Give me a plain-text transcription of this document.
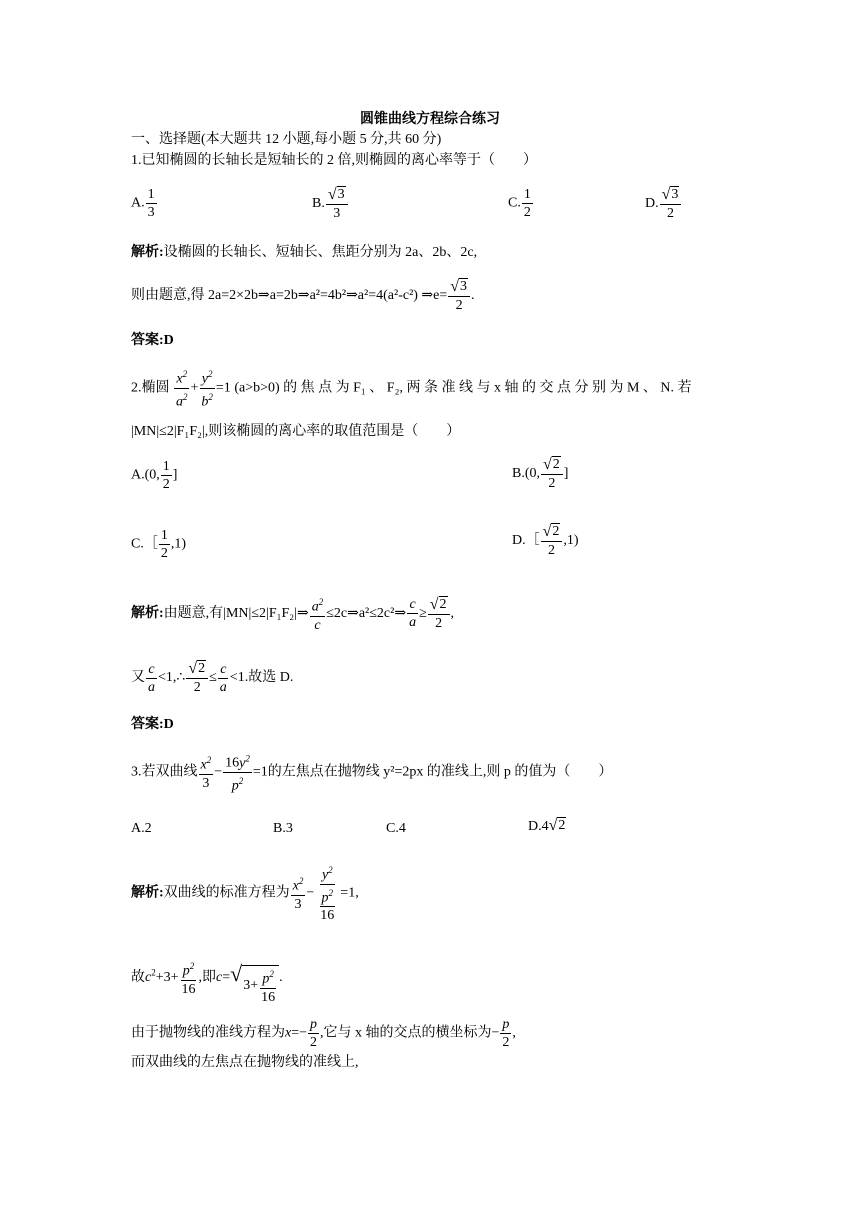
圆锥曲线方程综合练习
一、选择题(本大题共 12 小题,每小题 5 分,共 60 分)
1.已知椭圆的长轴长是短轴长的 2 倍,则椭圆的离心率等于（　　）
A. $\frac{1}{3}$	B. $\frac{√ 3}{3}$	C. $\frac{1}{2}$	D. $\frac{√ 3}{2}$
解析:设椭圆的长轴长、短轴长、焦距分别为 2a、2b、2c,
则由题意,得 2a=2×2b⇒a=2b⇒a²=4b²⇒a²=4(a²-c²) ⇒e= $\frac{√ 3}{2}$ .
答案:D
2.椭圆 $\frac{x^2}{a^2} + \frac{y^2}{b^2} =1$ (a>b>0) 的 焦 点 为 F₁ 、 F₂, 两 条 准 线 与 x 轴 的 交 点 分 别 为 M 、 N. 若
|MN|≤2|F₁F₂|,则该椭圆的离心率的取值范围是（　　）
A.(0, $\frac{1}{2}$ ]	B.(0, $\frac{√ 2}{2}$ ]
C.［ $\frac{1}{2} ,1$)	D.［ $\frac{√ 2}{2} ,1$)
解析:由题意,有|MN|≤2|F₁F₂|⇒ $\frac{a^2}{c}$ ≤2c⇒a²≤2c²⇒ $\frac{c}{a} \ge \frac{√ 2}{2}$ ,
又 $\frac{c}{a}$ <1,∴ $\frac{√ 2}{2} \le \frac{c}{a} <1$.故选 D.
答案:D
3.若双曲线 $\frac{x^2}{3} - \frac{16y^2}{p^2} =1$的左焦点在抛物线 y²=2px 的准线上,则 p 的值为（　　）
A.2	B.3	C.4	D.4 √ 2
解析:双曲线的标准方程为 $\frac{x^2}{3} - \frac{y^2}{\frac{p^2}{16}} =1$,
故$c^2+3+ \frac{p^2}{16}$ ,即c= √ $3+ \frac{p^2}{16}$ .
由于抛物线的准线方程为$x=- \frac{p}{2}$ ,它与 x 轴的交点的横坐标为− $\frac{p}{2}$ ,
而双曲线的左焦点在抛物线的准线上,
